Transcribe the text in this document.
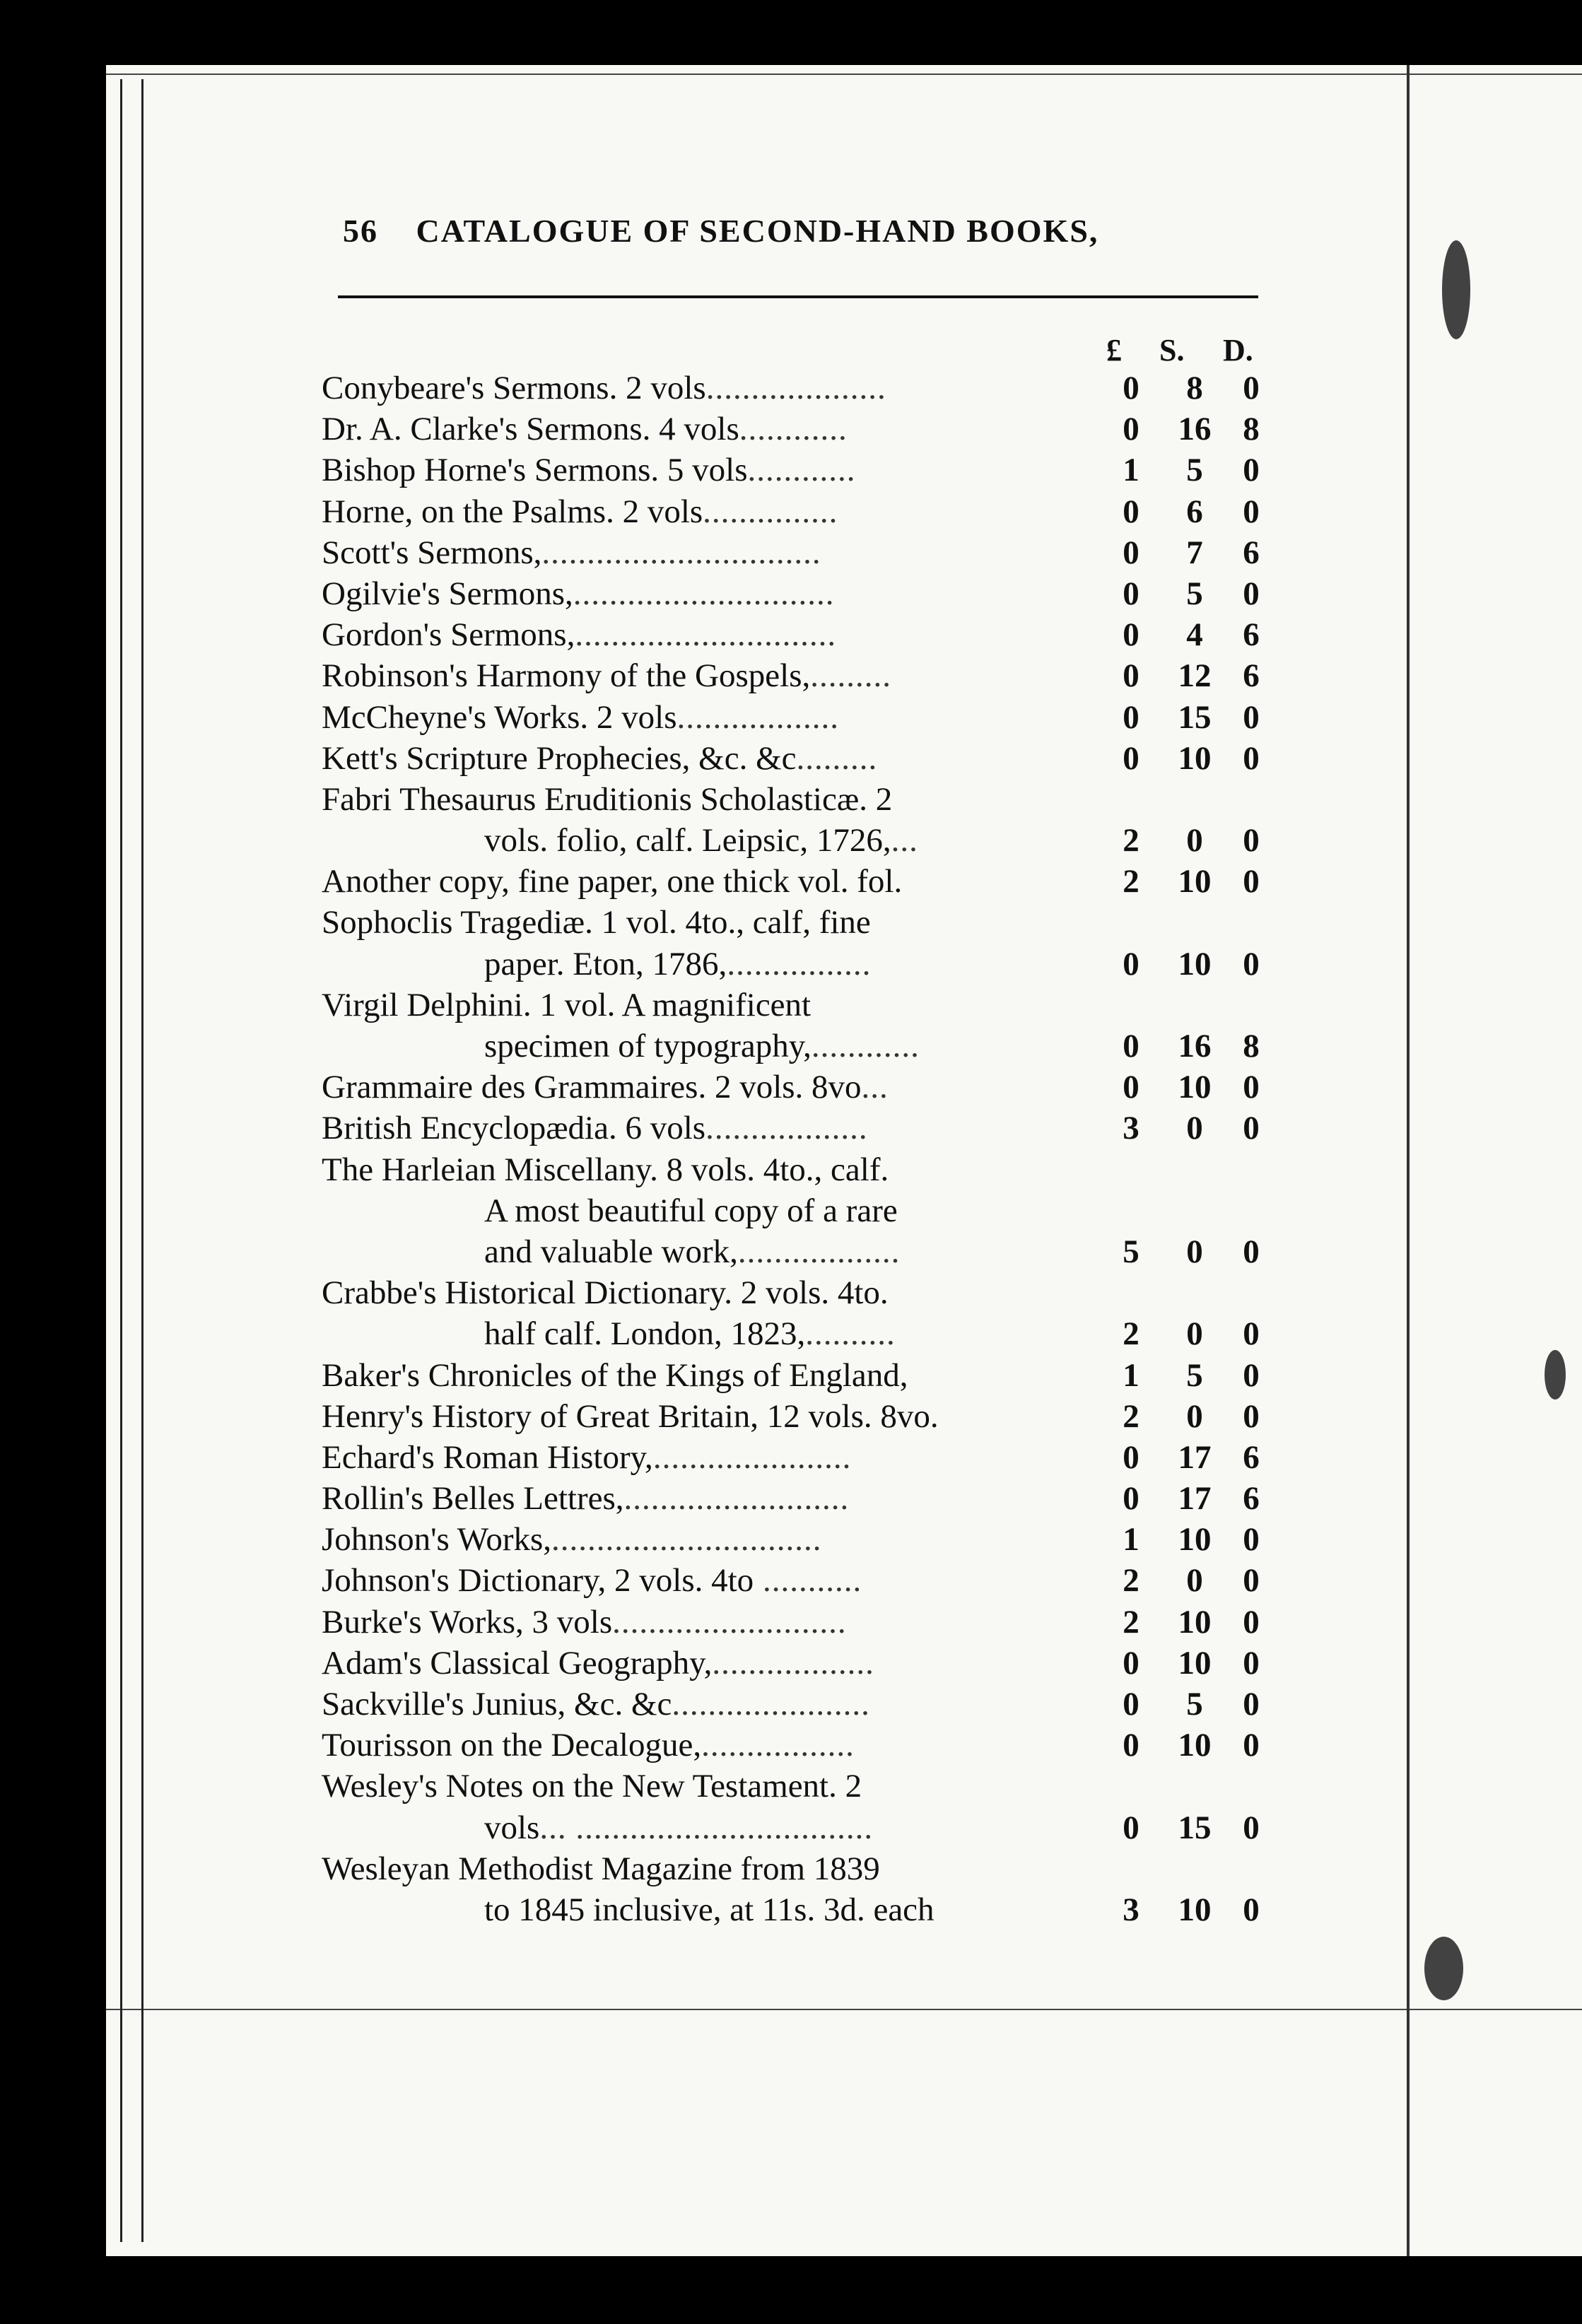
56 CATALOGUE OF SECOND-HAND BOOKS,
£ S. D.
Conybeare's Sermons. 2 vols....................	0	8	0
Dr. A. Clarke's Sermons. 4 vols............	0	16 8
Bishop Horne's Sermons. 5 vols............	1	5	0
Horne, on the Psalms. 2 vols...............	0	6	0
Scott's Sermons,...............................	0	7	6
Ogilvie's Sermons,.............................	0	5	0
Gordon's Sermons,.............................	0	4	6
Robinson's Harmony of the Gospels,.........	0	12 6
McCheyne's Works. 2 vols..................	0	15 0
Kett's Scripture Prophecies, &c. &c.........	0	10 0
Fabri Thesaurus Eruditionis Scholasticæ. 2
vols. folio, calf. Leipsic, 1726,...	2	0	0
Another copy, fine paper, one thick vol. fol.	2	10 0
Sophoclis Tragediæ. 1 vol. 4to., calf, fine
paper. Eton, 1786,................	0	10 0
Virgil Delphini. 1 vol. A magnificent
specimen of typography,............	0	16 8
Grammaire des Grammaires. 2 vols. 8vo...	0	10 0
British Encyclopædia. 6 vols..................	3	0	0
The Harleian Miscellany. 8 vols. 4to., calf.
A most beautiful copy of a rare
and valuable work,..................	5	0	0
Crabbe's Historical Dictionary. 2 vols. 4to.
half calf. London, 1823,..........	2	0	0
Baker's Chronicles of the Kings of England,	1	5	0
Henry's History of Great Britain, 12 vols. 8vo.	2	0	0
Echard's Roman History,......................	0	17 6
Rollin's Belles Lettres,.........................	0	17 6
Johnson's Works,..............................	1	10 0
Johnson's Dictionary, 2 vols. 4to ...........	2	0	0
Burke's Works, 3 vols..........................	2	10 0
Adam's Classical Geography,..................	0	10 0
Sackville's Junius, &c. &c......................	0	5	0
Tourisson on the Decalogue,.................	0	10 0
Wesley's Notes on the New Testament. 2
vols... .................................	0	15 0
Wesleyan Methodist Magazine from 1839
to 1845 inclusive, at 11s. 3d. each	3	10 0
